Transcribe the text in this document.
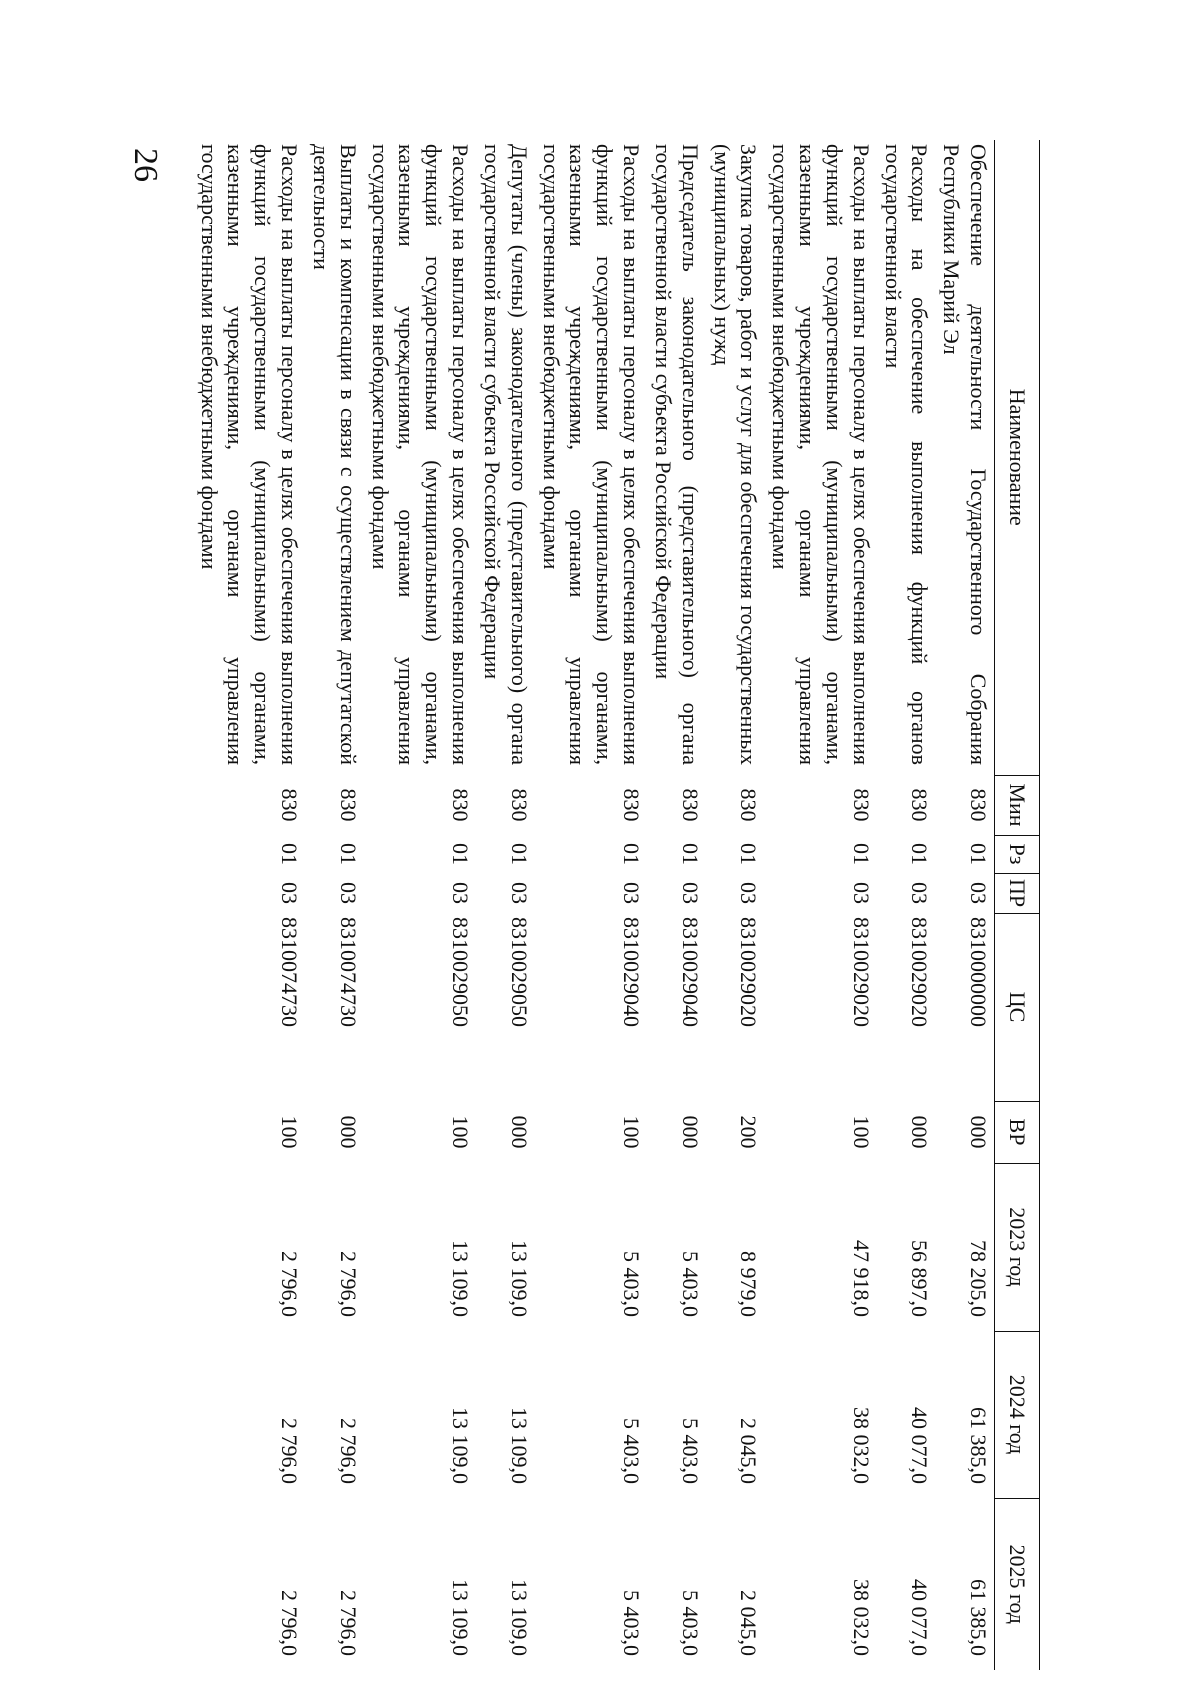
26
Наименование	Мин	Рз	ПР	ЦС	ВР	2023 год	2024 год	2025 год
Обеспечение деятельности Государственного Собрания Республики Марий Эл	830	01	03	8310000000	000	78 205,0	61 385,0	61 385,0
Расходы на обеспечение выполнения функций органов государственной власти	830	01	03	8310029020	000	56 897,0	40 077,0	40 077,0
Расходы на выплаты персоналу в целях обеспечения выполнения функций государственными (муниципальными) органами, казенными учреждениями, органами управления государственными внебюджетными фондами	830	01	03	8310029020	100	47 918,0	38 032,0	38 032,0
Закупка товаров, работ и услуг для обеспечения государственных (муниципальных) нужд	830	01	03	8310029020	200	8 979,0	2 045,0	2 045,0
Председатель законодательного (представительного) органа государственной власти субъекта Российской Федерации	830	01	03	8310029040	000	5 403,0	5 403,0	5 403,0
Расходы на выплаты персоналу в целях обеспечения выполнения функций государственными (муниципальными) органами, казенными учреждениями, органами управления государственными внебюджетными фондами	830	01	03	8310029040	100	5 403,0	5 403,0	5 403,0
Депутаты (члены) законодательного (представительного) органа государственной власти субъекта Российской Федерации	830	01	03	8310029050	000	13 109,0	13 109,0	13 109,0
Расходы на выплаты персоналу в целях обеспечения выполнения функций государственными (муниципальными) органами, казенными учреждениями, органами управления государственными внебюджетными фондами	830	01	03	8310029050	100	13 109,0	13 109,0	13 109,0
Выплаты и компенсации в связи с осуществлением депутатской деятельности	830	01	03	8310074730	000	2 796,0	2 796,0	2 796,0
Расходы на выплаты персоналу в целях обеспечения выполнения функций государственными (муниципальными) органами, казенными учреждениями, органами управления государственными внебюджетными фондами	830	01	03	8310074730	100	2 796,0	2 796,0	2 796,0
